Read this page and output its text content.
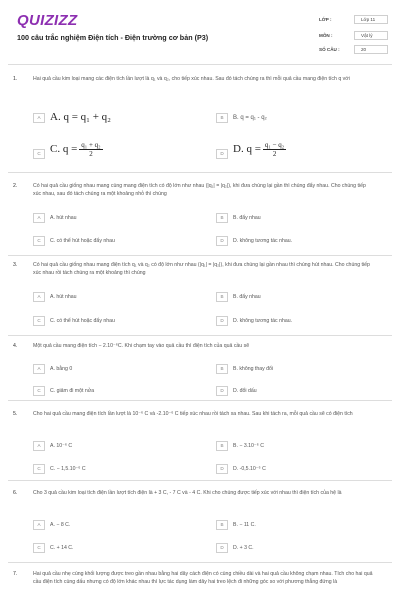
QUIZIZZ
100 câu trắc nghiệm Điện tích - Điện trường cơ bản (P3)
LỚP :	Lớp 11
MÔN :	Vật lý
SỐ CÂU :	20
1.	Hai quả cầu kim loại mang các điện tích lần lượt là q₁ và q₂, cho tiếp xúc nhau. Sau đó tách chúng ra thì mỗi quả cầu mang điện tích q với
A A. q = q₁ + q₂	B	B. q = q₁ - q₂
C C. $q = \frac{\text{q₁ + q₂}}{2}$	D D. $q = \frac{\text{q₁ − q₂}}{2}$
2.	Có hai quả cầu giống nhau mang cùng mang điện tích có độ lớn như nhau (|q₁| = |q₂|), khi đưa chúng lại gần thì chúng đẩy nhau. Cho chúng tiếp xúc nhau, sau đó tách chúng ra một khoảng nhỏ thì chúng
A	A. hút nhau	B	B. đẩy nhau
C	C. có thể hút hoặc đẩy nhau	D	D. không tương tác nhau.
3.	Có hai quả cầu giống nhau mang điện tích q₁ và q₂ có độ lớn như nhau (|q₁| = |q₂|), khi đưa chúng lại gần nhau thì chúng hút nhau. Cho chúng tiếp xúc nhau rồi tách chúng ra một khoảng thì chúng
A	A. hút nhau	B	B. đẩy nhau
C	C. có thể hút hoặc đẩy nhau	D	D. không tương tác nhau.
4.	Một quả cầu mang điện tích − 2.10⁻⁶C. Khi chạm tay vào quả cầu thì điện tích của quả cầu sẽ
A	A. bằng 0	B	B. không thay đổi
C	C. giảm đi một nửa	D	D. đổi dấu
5.	Cho hai quả cầu mang điện tích lần lượt là 10⁻⁶ C và -2.10⁻⁶ C tiếp xúc nhau rồi tách xa nhau. Sau khi tách ra, mỗi quả cầu sẽ có điện tích
A	A. 10⁻⁶ C	B	B. − 3.10⁻⁶ C
C	C. − 1,5.10⁻⁶ C	D	D. -0,5.10⁻⁶ C
6.	Cho 3 quả cầu kim loại tích điện lần lượt tích điện là + 3 C, - 7 C và - 4 C. Khi cho chúng được tiếp xúc với nhau thì điện tích của hệ là
A	A. − 8 C.	B	B. − 11 C.
C	C. + 14 C.	D	D. + 3 C.
7.	Hai quả cầu nhẹ cùng khối lượng được treo gần nhau bằng hai dây cách điện có cùng chiều dài và hai quả cầu không chạm nhau. Tích cho hai quả cầu điện tích cùng dấu nhưng có độ lớn khác nhau thì lực tác dụng làm dây hai treo lệch đi những góc so với phương thẳng đứng là
